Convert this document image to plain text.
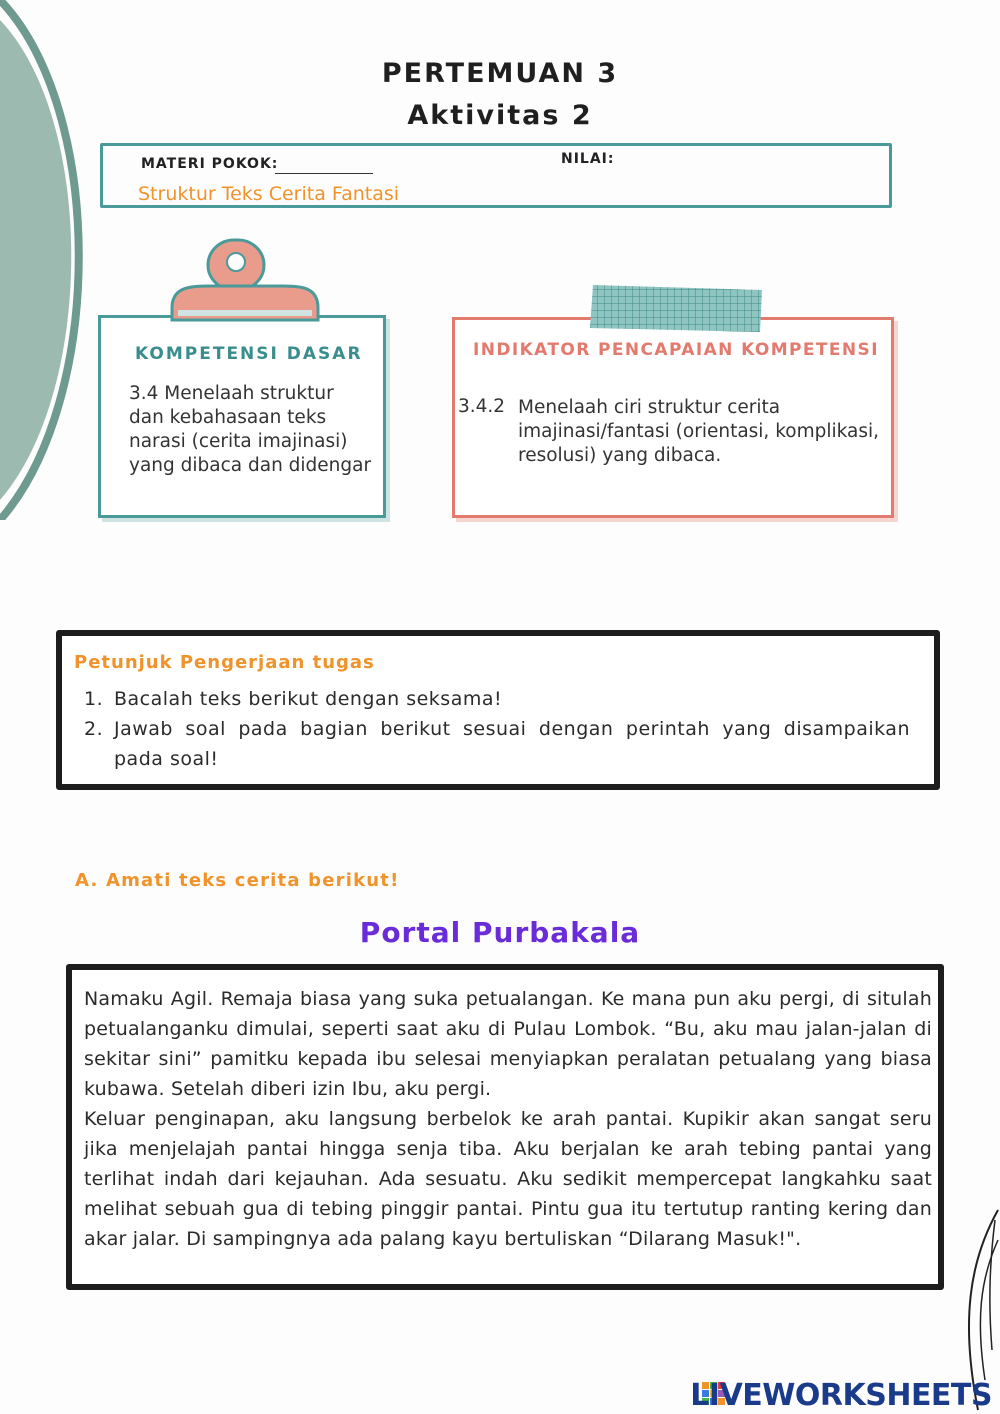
PERTEMUAN 3
Aktivitas 2
MATERI POKOK:	NILAI:
Struktur Teks Cerita Fantasi
KOMPETENSI DASAR
3.4 Menelaah struktur dan kebahasaan teks narasi (cerita imajinasi) yang dibaca dan didengar
INDIKATOR PENCAPAIAN KOMPETENSI
3.4.2 Menelaah ciri struktur cerita imajinasi/fantasi (orientasi, komplikasi, resolusi) yang dibaca.
Petunjuk Pengerjaan tugas
1. Bacalah teks berikut dengan seksama!
2. Jawab soal pada bagian berikut sesuai dengan perintah yang disampaikan pada soal!
A. Amati teks cerita berikut!
Portal Purbakala

Namaku Agil. Remaja biasa yang suka petualangan. Ke mana pun aku pergi, di situlah petualanganku dimulai, seperti saat aku di Pulau Lombok. “Bu, aku mau jalan-jalan di sekitar sini” pamitku kepada ibu selesai menyiapkan peralatan petualang yang biasa kubawa. Setelah diberi izin Ibu, aku pergi.

Keluar penginapan, aku langsung berbelok ke arah pantai. Kupikir akan sangat seru jika menjelajah pantai hingga senja tiba. Aku berjalan ke arah tebing pantai yang terlihat indah dari kejauhan. Ada sesuatu. Aku sedikit mempercepat langkahku saat melihat sebuah gua di tebing pinggir pantai. Pintu gua itu tertutup ranting kering dan akar jalar. Di sampingnya ada palang kayu bertuliskan “Dilarang Masuk!".

LIVEWORKSHEETS
